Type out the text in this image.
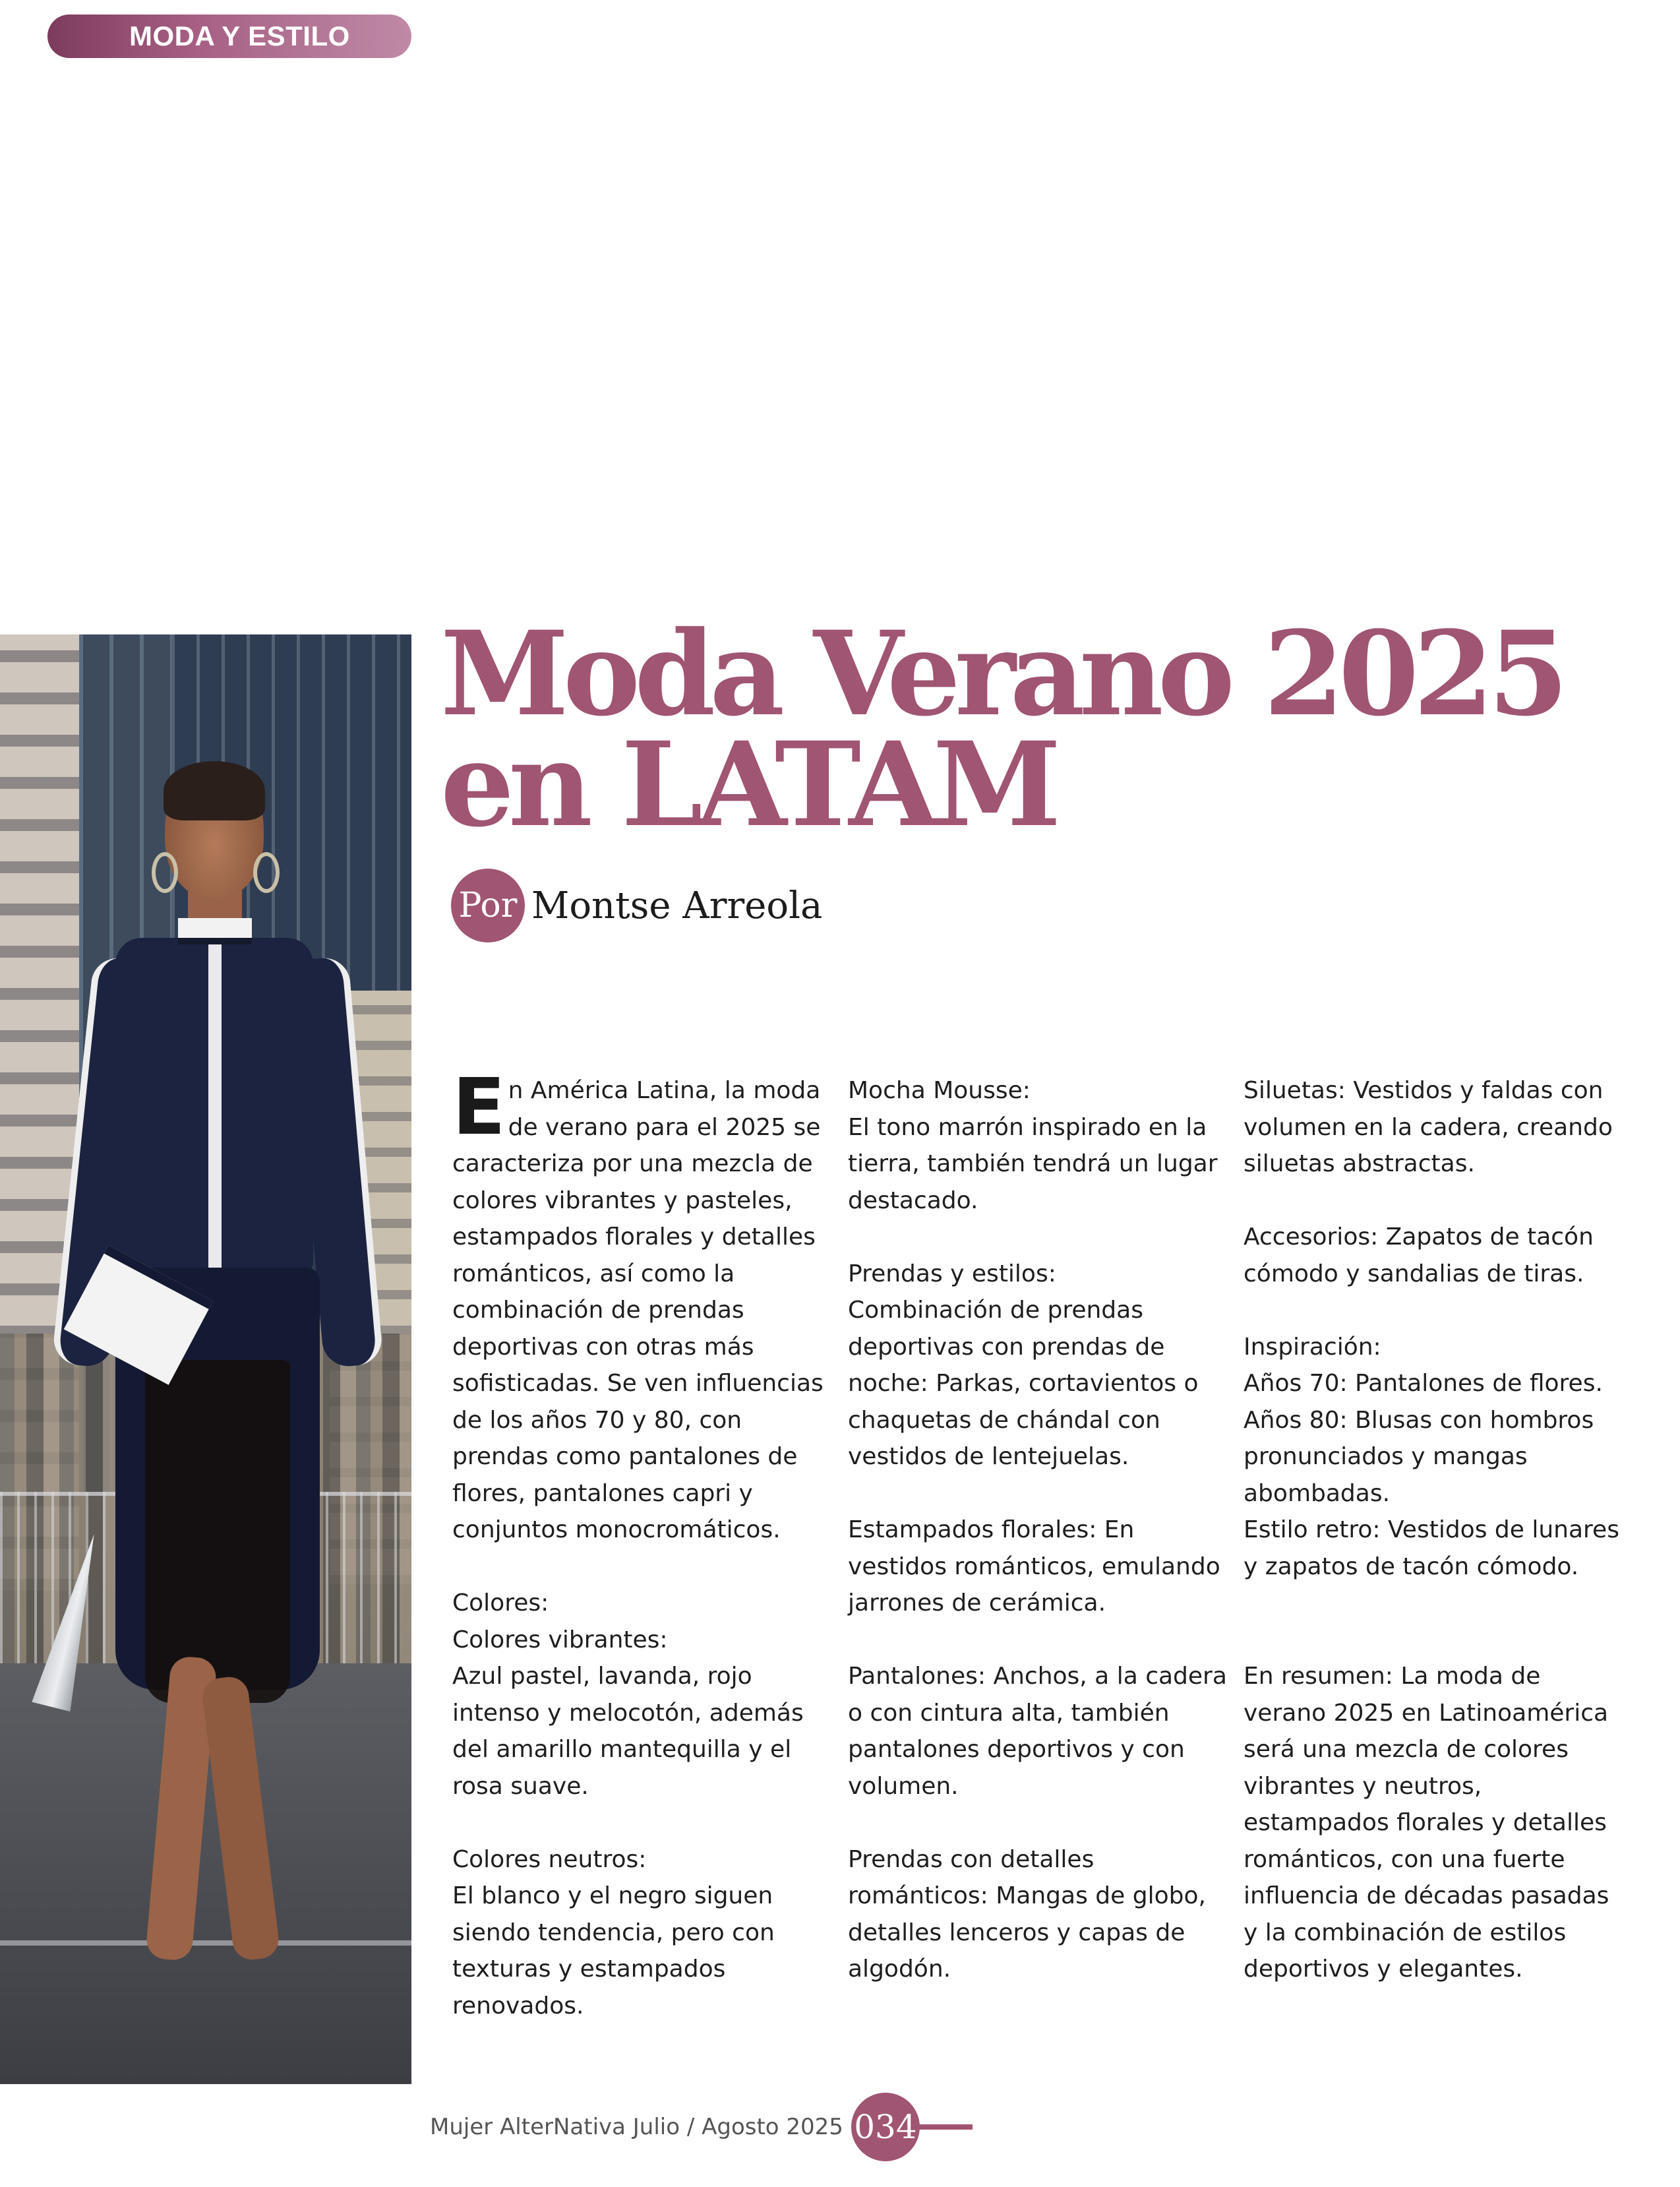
MODA Y ESTILO
Moda Verano 2025
en LATAM
Por Montse Arreola

En América Latina, la moda de verano para el 2025 se caracteriza por una mezcla de colores vibrantes y pasteles, estampados florales y detalles románticos, así como la combinación de prendas deportivas con otras más sofisticadas. Se ven influencias de los años 70 y 80, con prendas como pantalones de flores, pantalones capri y conjuntos monocromáticos.

Colores:

Colores vibrantes:

Azul pastel, lavanda, rojo intenso y melocotón, además del amarillo mantequilla y el rosa suave.

Colores neutros:

El blanco y el negro siguen siendo tendencia, pero con texturas y estampados renovados.

Mocha Mousse:

El tono marrón inspirado en la tierra, también tendrá un lugar destacado.

Prendas y estilos:

Combinación de prendas deportivas con prendas de noche: Parkas, cortavientos o chaquetas de chándal con vestidos de lentejuelas.

Estampados florales: En vestidos románticos, emulando jarrones de cerámica.

Pantalones: Anchos, a la cadera o con cintura alta, también pantalones deportivos y con volumen.

Prendas con detalles románticos: Mangas de globo, detalles lenceros y capas de algodón.

Siluetas: Vestidos y faldas con volumen en la cadera, creando siluetas abstractas.

Accesorios: Zapatos de tacón cómodo y sandalias de tiras.

Inspiración:

Años 70: Pantalones de flores.

Años 80: Blusas con hombros pronunciados y mangas abombadas.

Estilo retro: Vestidos de lunares y zapatos de tacón cómodo.

En resumen: La moda de verano 2025 en Latinoamérica será una mezcla de colores vibrantes y neutros, estampados florales y detalles románticos, con una fuerte influencia de décadas pasadas y la combinación de estilos deportivos y elegantes.

Mujer AlterNativa Julio / Agosto 2025 034
